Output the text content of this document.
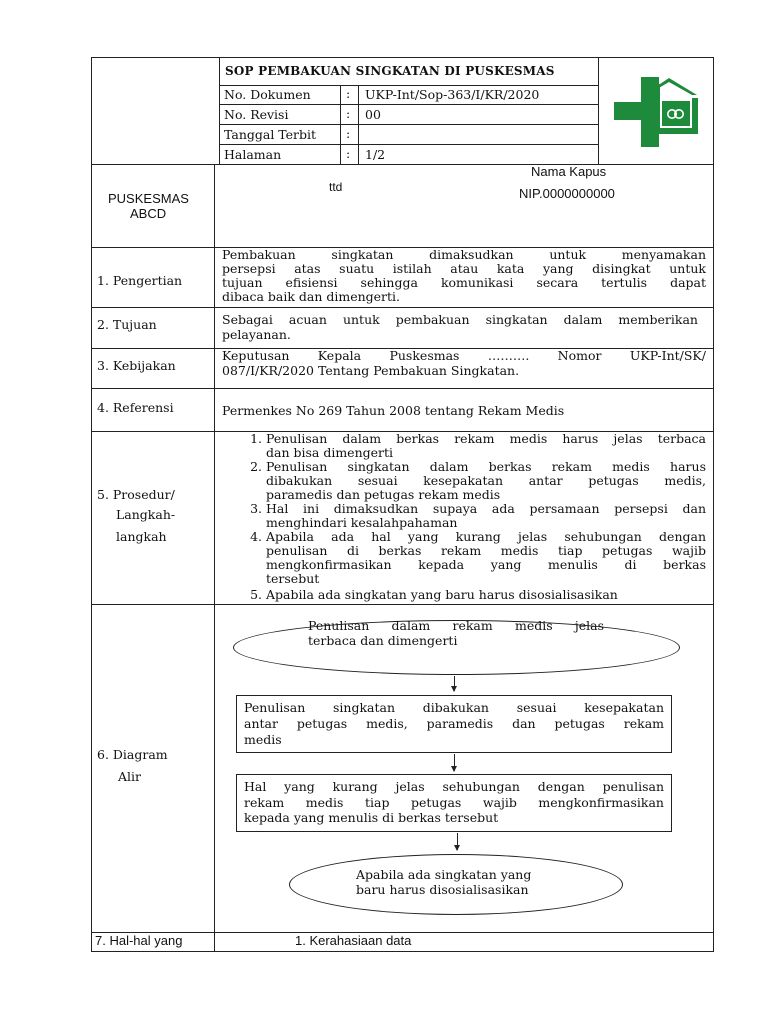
SOP PEMBAKUAN SINGKATAN DI PUSKESMAS
No. Dokumen	: UKP-Int/Sop-363/I/KR/2020
No. Revisi	: 00
Tanggal Terbit :
Halaman	: 1/2
PUSKESMAS
ABCD
ttd
Nama Kapus
NIP.0000000000
1. Pengertian
Pembakuan singkatan dimaksudkan untuk menyamakan
persepsi atas suatu istilah atau kata yang disingkat untuk
tujuan efisiensi sehingga komunikasi secara tertulis dapat
dibaca baik dan dimengerti.
2. Tujuan	Sebagai acuan untuk pembakuan singkatan dalam memberikan
pelayanan.
3. Kebijakan
Keputusan Kepala Puskesmas ………. Nomor UKP-Int/SK/
087/I/KR/2020 Tentang Pembakuan Singkatan.
4. Referensi	Permenkes No 269 Tahun 2008 tentang Rekam Medis
5. Prosedur/
Langkah-
langkah
1. Penulisan dalam berkas rekam medis harus jelas terbaca
dan bisa dimengerti
2. Penulisan singkatan dalam berkas rekam medis harus
dibakukan sesuai kesepakatan antar petugas medis,
paramedis dan petugas rekam medis
3. Hal ini dimaksudkan supaya ada persamaan persepsi dan
menghindari kesalahpahaman
4. Apabila ada hal yang kurang jelas sehubungan dengan
penulisan di berkas rekam medis tiap petugas wajib
mengkonfirmasikan kepada yang menulis di berkas
tersebut
5. Apabila ada singkatan yang baru harus disosialisasikan
6. Diagram
Alir
Penulisan dalam rekam medis jelas
terbaca dan dimengerti
Penulisan singkatan dibakukan sesuai kesepakatan
antar petugas medis, paramedis dan petugas rekam
medis
Hal yang kurang jelas sehubungan dengan penulisan
rekam medis tiap petugas wajib mengkonfirmasikan
kepada yang menulis di berkas tersebut
Apabila ada singkatan yang
baru harus disosialisasikan
7. Hal-hal yang	1. Kerahasiaan data
